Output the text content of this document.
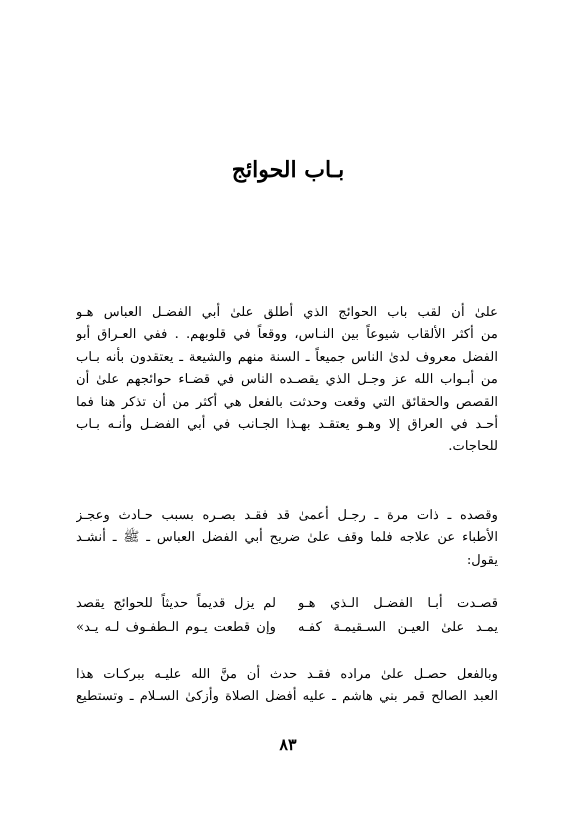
بـاب الحوائج
علىٰ أن لقب باب الحوائج الذي أطلق علىٰ أبي الفضـل العباس هـو
من أكثر الألقاب شيوعاً بين النـاس، ووقعاً في قلوبهم. . ففي العـراق أبو
الفضل معروف لدىٰ الناس جميعاً ـ السنة منهم والشيعة ـ يعتقدون بأنه بـاب
من أبـواب الله عز وجـل الذي يقصـده الناس في قضـاء حوائجهم علىٰ أن
القصص والحقائق التي وقعت وحدثت بالفعل هي أكثر من أن تذكر هنا فما
أحـد في العراق إلا وهـو يعتقـد بهـذا الجـانب في أبي الفضـل وأنـه بـاب
للحاجات.
وقصده ـ ذات مرة ـ رجـل أعمىٰ قد فقـد بصـره بسبب حـادث وعجـز
الأطباء عن علاجه فلما وقف علىٰ ضريح أبي الفضل العباس ـ ﷺ ـ أنشـد
يقول:
قصـدت أبـا الفضـل الـذي هـو
لم يزل قديماً حديثاً للحوائج يقصد
يمـد علىٰ العيـن السـقيمـة كفـه
وإن قطعت يـوم الـطفـوف لـه يـد»
وبالفعل حصـل علىٰ مراده فقـد حدث أن منَّ الله عليـه ببركـات هذا
العبد الصالح قمر بني هاشم ـ عليه أفضل الصلاة وأزكىٰ السـلام ـ وتستطيع
٨٣
